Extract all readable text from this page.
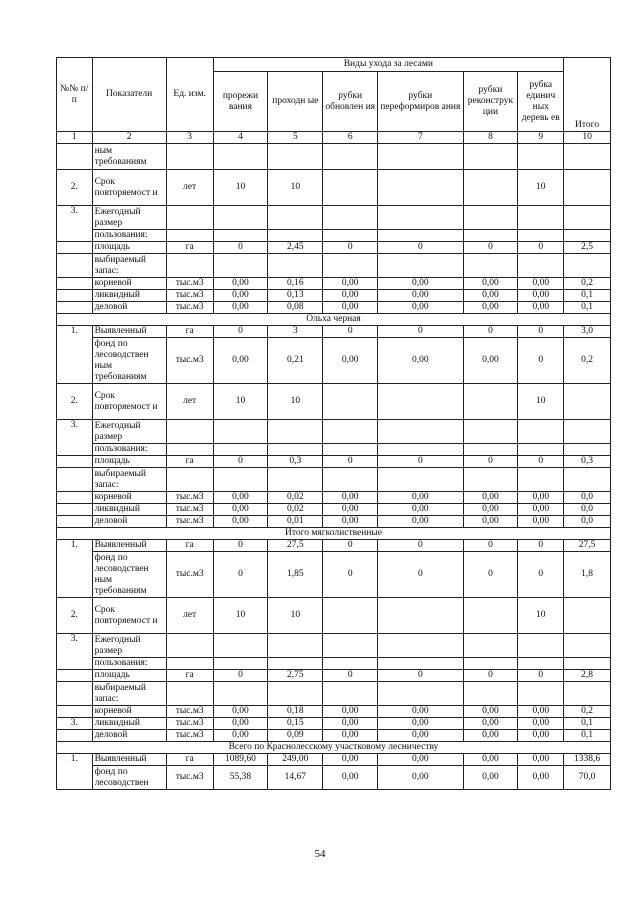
№№ п/п	Показатели	Ед. изм.	Виды ухода за лесами						Итого
			прорежи вания	проходн ые	рубки обновлен ия	рубки переформиров ания	рубки реконструк ции	рубка единич ных деревь ев	
1	2	3	4	5	6	7	8	9	10
	ным требованиям								
2.	Срок повторяемост и	лет	10	10				10	
3.	Ежегодный размер								
	пользования:								
	площадь	га	0	2,45	0	0	0	0	2,5
	выбираемый запас:								
	корневой	тыс.м3	0,00	0,16	0,00	0,00	0,00	0,00	0,2
	ликвидный	тыс.м3	0,00	0,13	0,00	0,00	0,00	0,00	0,1
	деловой	тыс.м3	0,00	0,08	0,00	0,00	0,00	0,00	0,1
Ольха черная									
1.	Выявленный	га	0	3	0	0	0	0	3,0
	фонд по лесоводствен ным требованиям	тыс.м3	0,00	0,21	0,00	0,00	0,00	0	0,2
2.	Срок повторяемост и	лет	10	10				10	
3.	Ежегодный размер								
	пользования:								
	площадь	га	0	0,3	0	0	0	0	0,3
	выбираемый запас:								
	корневой	тыс.м3	0,00	0,02	0,00	0,00	0,00	0,00	0,0
	ликвидный	тыс.м3	0,00	0,02	0,00	0,00	0,00	0,00	0,0
	деловой	тыс.м3	0,00	0,01	0,00	0,00	0,00	0,00	0,0
Итого мягколиственные									
1.	Выявленный	га	0	27,5	0	0	0	0	27,5
	фонд по лесоводствен ным требованиям	тыс.м3	0	1,85	0	0	0	0	1,8
2.	Срок повторяемост и	лет	10	10				10	
3.	Ежегодный размер								
	пользования:								
	площадь	га	0	2,75	0	0	0	0	2,8
	выбираемый запас:								
	корневой	тыс.м3	0,00	0,18	0,00	0,00	0,00	0,00	0,2
3.	ликвидный	тыс.м3	0,00	0,15	0,00	0,00	0,00	0,00	0,1
	деловой	тыс.м3	0,00	0,09	0,00	0,00	0,00	0,00	0,1
Всего по Краснолесскому участковому лесничеству									
1.	Выявленный	га	1089,60	249,00	0,00	0,00	0,00	0,00	1338,6
	фонд по лесоводствен	тыс.м3	55,38	14,67	0,00	0,00	0,00	0,00	70,0
54
